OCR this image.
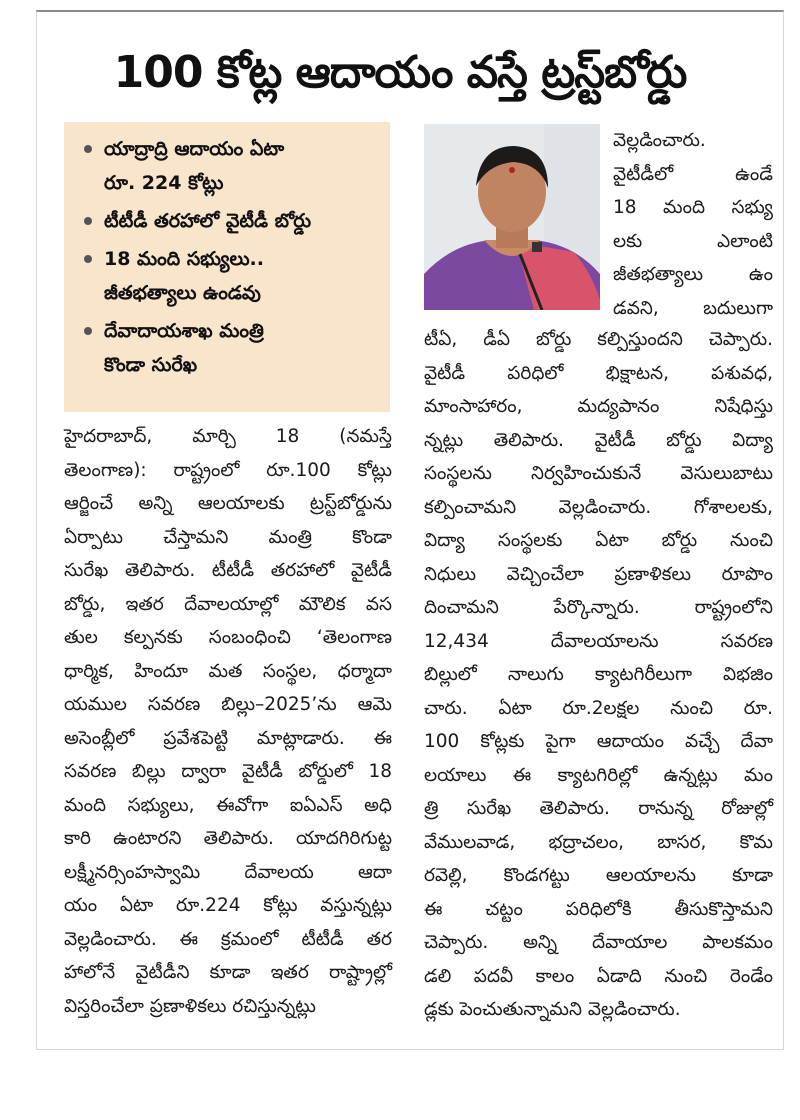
100 కోట్ల ఆదాయం వస్తే ట్రస్ట్‌బోర్డు
యాద్రాద్రి ఆదాయం ఏటా
రూ. 224 కోట్లు
టీటీడీ తరహాలో వైటీడీ బోర్డు
18 మంది సభ్యులు..
జీతభత్యాలు ఉండవు
దేవాదాయశాఖ మంత్రి
కొండా సురేఖ

వెల్లడించారు.

వైటీడీలో ఉండే

18 మంది సభ్యు

లకు ఎలాంటి

జీతభత్యాలు ఉం

డవని, బదులుగా

టీఏ, డీఏ బోర్డు కల్పిస్తుందని చెప్పారు.

వైటీడీ పరిధిలో భిక్షాటన, పశువధ,

మాంసాహారం, మద్యపానం నిషేధిస్తు

న్నట్లు తెలిపారు. వైటీడీ బోర్డు విద్యా

సంస్థలను నిర్వహించుకునే వెసులుబాటు

కల్పించామని వెల్లడించారు. గోశాలలకు,

విద్యా సంస్థలకు ఏటా బోర్డు నుంచి

నిధులు వెచ్చించేలా ప్రణాళికలు రూపొం

దించామని పేర్కొన్నారు. రాష్ట్రంలోని

12,434 దేవాలయాలను సవరణ

బిల్లులో నాలుగు క్యాటగిరీలుగా విభజిం

చారు. ఏటా రూ.2లక్షల నుంచి రూ.

100 కోట్లకు పైగా ఆదాయం వచ్చే దేవా

లయాలు ఈ క్యాటగిరిల్లో ఉన్నట్లు మం

త్రి సురేఖ తెలిపారు. రానున్న రోజుల్లో

వేములవాడ, భద్రాచలం, బాసర, కొమ

రవెల్లి, కొండగట్టు ఆలయాలను కూడా

ఈ చట్టం పరిధిలోకి తీసుకొస్తామని

చెప్పారు. అన్ని దేవాయాల పాలకమం

డలి పదవీ కాలం ఏడాది నుంచి రెండేం

డ్లకు పెంచుతున్నామని వెల్లడించారు.

హైదరాబాద్, మార్చి 18 (నమస్తే

తెలంగాణ): రాష్ట్రంలో రూ.100 కోట్లు

ఆర్జించే అన్ని ఆలయాలకు ట్రస్ట్‌బోర్డును

ఏర్పాటు చేస్తామని మంత్రి కొండా

సురేఖ తెలిపారు. టీటీడీ తరహాలో వైటీడీ

బోర్డు, ఇతర దేవాలయాల్లో మౌలిక వస

తుల కల్పనకు సంబంధించి ‘తెలంగాణ

ధార్మిక, హిందూ మత సంస్థల, ధర్మాదా

యముల సవరణ బిల్లు–2025’ను ఆమె

అసెంబ్లీలో ప్రవేశపెట్టి మాట్లాడారు. ఈ

సవరణ బిల్లు ద్వారా వైటీడీ బోర్డులో 18

మంది సభ్యులు, ఈవోగా ఐఏఎస్ అధి

కారి ఉంటారని తెలిపారు. యాదగిరిగుట్ట

లక్ష్మీనర్సింహస్వామి దేవాలయ ఆదా

యం ఏటా రూ.224 కోట్లు వస్తున్నట్లు

వెల్లడించారు. ఈ క్రమంలో టీటీడీ తర

హాలోనే వైటీడీని కూడా ఇతర రాష్ట్రాల్లో

విస్తరించేలా ప్రణాళికలు రచిస్తున్నట్లు
